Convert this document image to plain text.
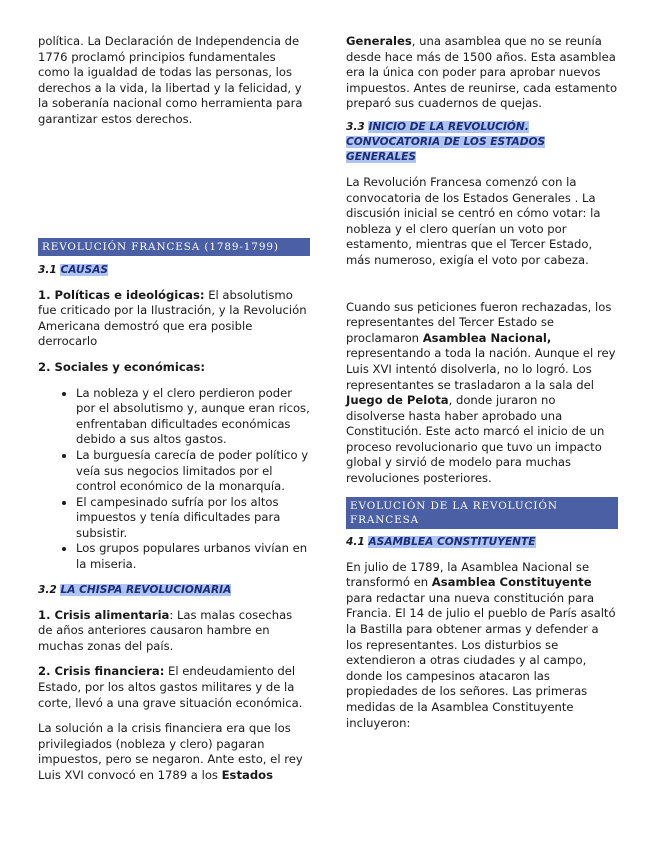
política. La Declaración de Independencia de 1776 proclamó principios fundamentales como la igualdad de todas las personas, los derechos a la vida, la libertad y la felicidad, y la soberanía nacional como herramienta para garantizar estos derechos.

REVOLUCIÓN FRANCESA (1789-1799)
3.1 CAUSAS

1. Políticas e ideológicas: El absolutismo fue criticado por la Ilustración, y la Revolución Americana demostró que era posible derrocarlo

2. Sociales y económicas:

• La nobleza y el clero perdieron poder por el absolutismo y, aunque eran ricos, enfrentaban dificultades económicas debido a sus altos gastos.
• La burguesía carecía de poder político y veía sus negocios limitados por el control económico de la monarquía.
• El campesinado sufría por los altos impuestos y tenía dificultades para subsistir.
• Los grupos populares urbanos vivían en la miseria.
3.2 LA CHISPA REVOLUCIONARIA

1. Crisis alimentaria: Las malas cosechas de años anteriores causaron hambre en muchas zonas del país.

2. Crisis financiera: El endeudamiento del Estado, por los altos gastos militares y de la corte, llevó a una grave situación económica.

La solución a la crisis financiera era que los privilegiados (nobleza y clero) pagaran impuestos, pero se negaron. Ante esto, el rey Luis XVI convocó en 1789 a los Estados

Generales, una asamblea que no se reunía desde hace más de 1500 años. Esta asamblea era la única con poder para aprobar nuevos impuestos. Antes de reunirse, cada estamento preparó sus cuadernos de quejas.

3.3 INICIO DE LA REVOLUCIÓN. CONVOCATORIA DE LOS ESTADOS GENERALES

La Revolución Francesa comenzó con la convocatoria de los Estados Generales . La discusión inicial se centró en cómo votar: la nobleza y el clero querían un voto por estamento, mientras que el Tercer Estado, más numeroso, exigía el voto por cabeza.

Cuando sus peticiones fueron rechazadas, los representantes del Tercer Estado se proclamaron Asamblea Nacional, representando a toda la nación. Aunque el rey Luis XVI intentó disolverla, no lo logró. Los representantes se trasladaron a la sala del Juego de Pelota, donde juraron no disolverse hasta haber aprobado una Constitución. Este acto marcó el inicio de un proceso revolucionario que tuvo un impacto global y sirvió de modelo para muchas revoluciones posteriores.

EVOLUCIÓN DE LA REVOLUCIÓN FRANCESA
4.1 ASAMBLEA CONSTITUYENTE

En julio de 1789, la Asamblea Nacional se transformó en Asamblea Constituyente para redactar una nueva constitución para Francia. El 14 de julio el pueblo de París asaltó la Bastilla para obtener armas y defender a los representantes. Los disturbios se extendieron a otras ciudades y al campo, donde los campesinos atacaron las propiedades de los señores. Las primeras medidas de la Asamblea Constituyente incluyeron:
